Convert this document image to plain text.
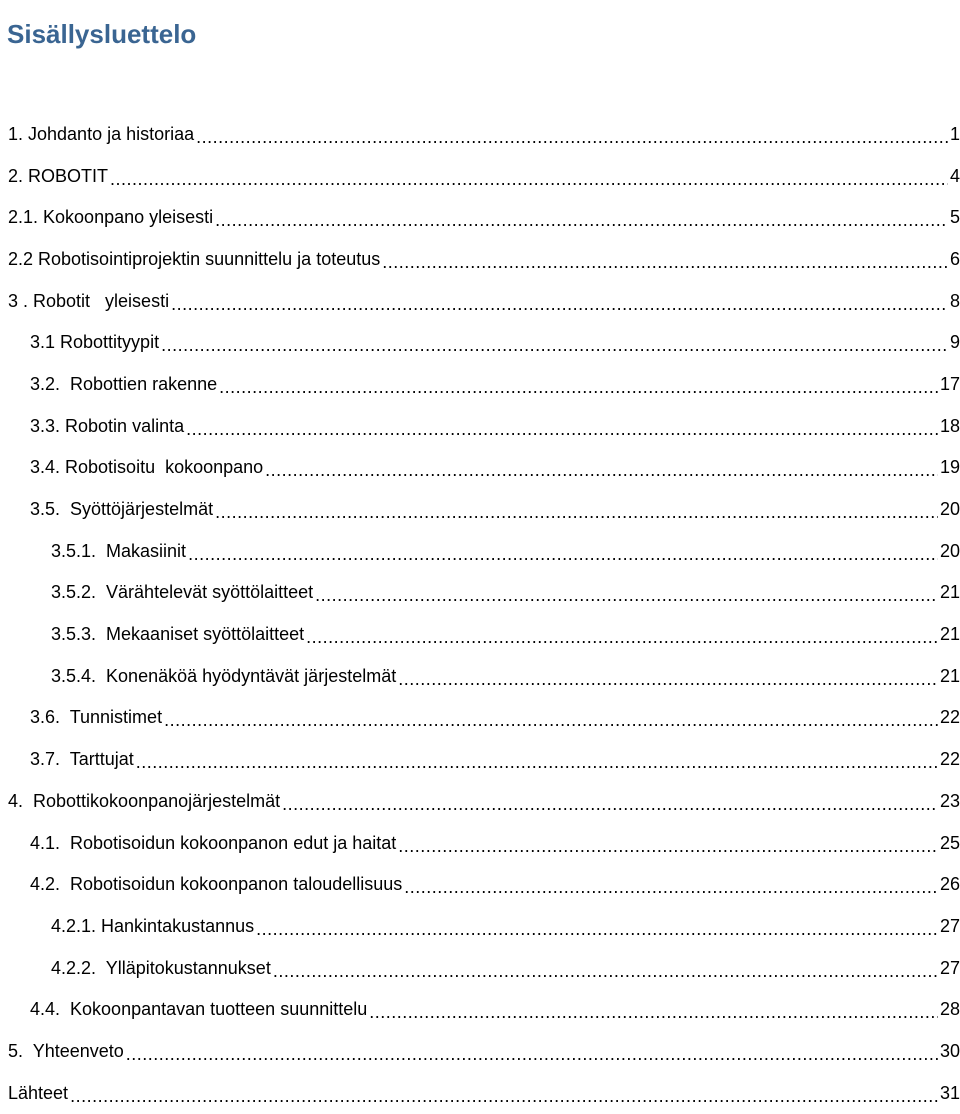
Sisällysluettelo
1. Johdanto ja historiaa .....	1
2. ROBOTIT .....	4
2.1. Kokoonpano yleisesti .....	5
2.2 Robotisointiprojektin suunnittelu ja toteutus .....	6
3 . Robotit   yleisesti .....	8
3.1 Robottityypit .....	9
3.2.  Robottien rakenne .....	17
3.3. Robotin valinta .....	18
3.4. Robotisoitu  kokoonpano .....	19
3.5.  Syöttöjärjestelmät .....	20
3.5.1.  Makasiinit .....	20
3.5.2.  Värähtelevät syöttölaitteet .....	21
3.5.3.  Mekaaniset syöttölaitteet .....	21
3.5.4.  Konenäköä hyödyntävät järjestelmät .....	21
3.6.  Tunnistimet .....	22
3.7.  Tarttujat .....	22
4.  Robottikokoonpanojärjestelmät .....	23
4.1.  Robotisoidun kokoonpanon edut ja haitat .....	25
4.2.  Robotisoidun kokoonpanon taloudellisuus .....	26
4.2.1. Hankintakustannus .....	27
4.2.2.  Ylläpitokustannukset .....	27
4.4.  Kokoonpantavan tuotteen suunnittelu .....	28
5.  Yhteenveto .....	30
Lähteet .....	31
